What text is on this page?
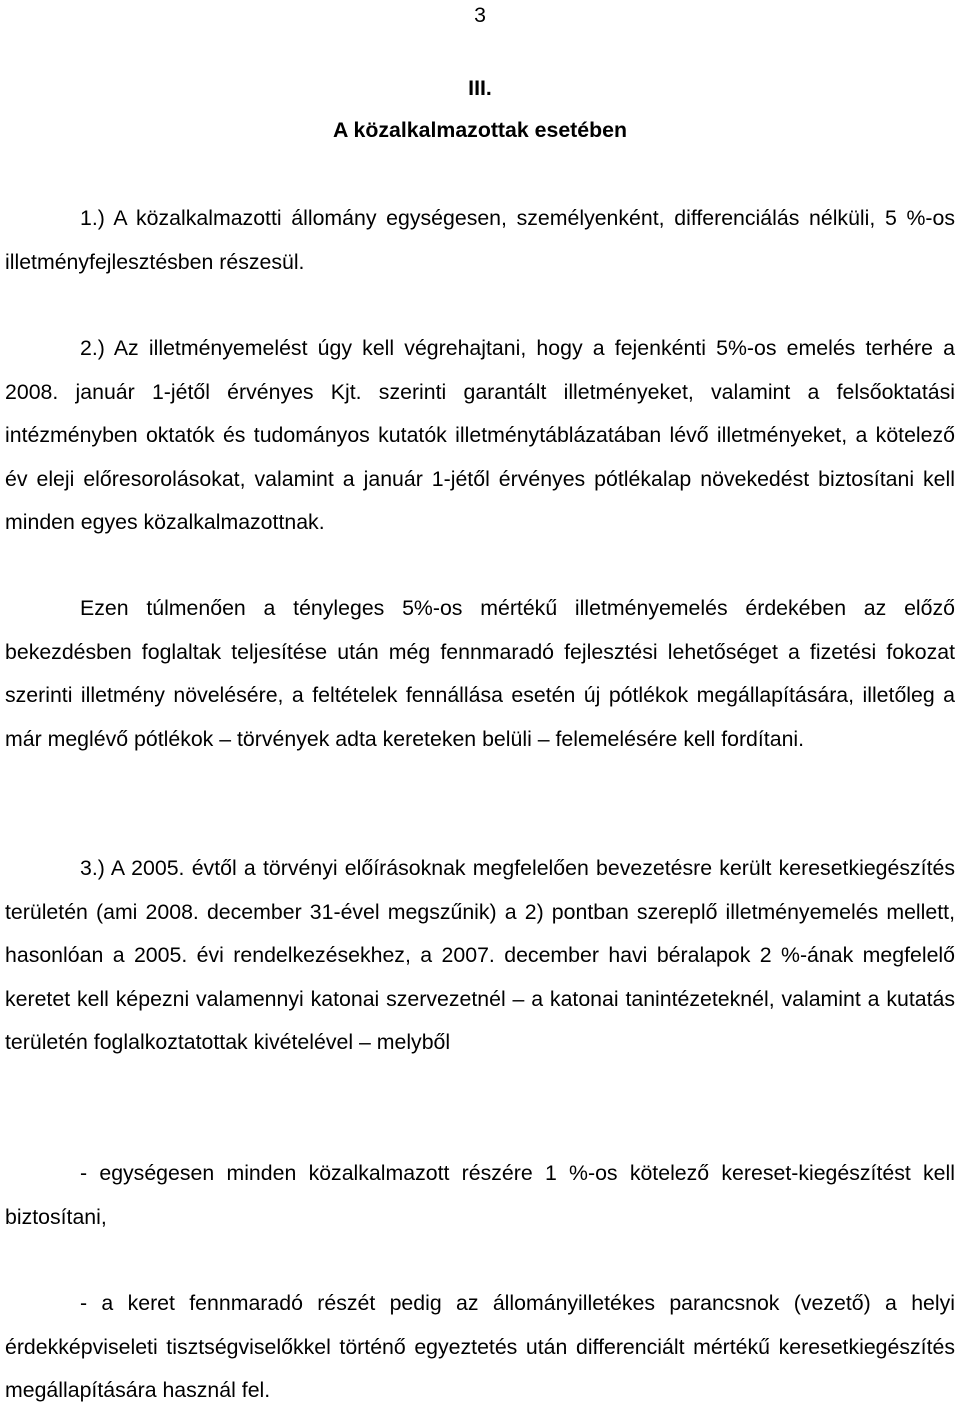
3
III.
A közalkalmazottak esetében

1.) A közalkalmazotti állomány egységesen, személyenként, differenciálás nélküli, 5 %-os illetményfejlesztésben részesül.

2.) Az illetményemelést úgy kell végrehajtani, hogy a fejenkénti 5%-os emelés terhére a 2008. január 1-jétől érvényes Kjt. szerinti garantált illetményeket, valamint a felsőoktatási intézményben oktatók és tudományos kutatók illetménytáblázatában lévő illetményeket, a kötelező év eleji előresorolásokat, valamint a január 1-jétől érvényes pótlékalap növekedést biztosítani kell minden egyes közalkalmazottnak.

Ezen túlmenően a tényleges 5%-os mértékű illetményemelés érdekében az előző bekezdésben foglaltak teljesítése után még fennmaradó fejlesztési lehetőséget a fizetési fokozat szerinti illetmény növelésére, a feltételek fennállása esetén új pótlékok megállapítására, illetőleg a már meglévő pótlékok – törvények adta kereteken belüli – felemelésére kell fordítani.

3.) A 2005. évtől a törvényi előírásoknak megfelelően bevezetésre került keresetkiegészítés területén (ami 2008. december 31-ével megszűnik) a 2) pontban szereplő illetményemelés mellett, hasonlóan a 2005. évi rendelkezésekhez, a 2007. december havi béralapok 2 %-ának megfelelő keretet kell képezni valamennyi katonai szervezetnél – a katonai tanintézeteknél, valamint a kutatás területén foglalkoztatottak kivételével – melyből

- egységesen minden közalkalmazott részére 1 %-os kötelező kereset-kiegészítést kell biztosítani,

- a keret fennmaradó részét pedig az állományilletékes parancsnok (vezető) a helyi érdekképviseleti tisztségviselőkkel történő egyeztetés után differenciált mértékű keresetkiegészítés megállapítására használ fel.
